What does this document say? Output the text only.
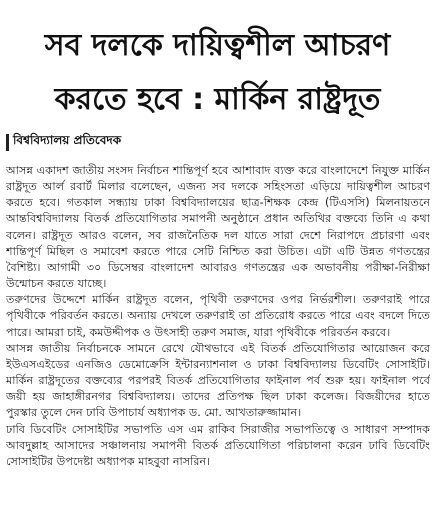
সব দলকে দায়িত্বশীল আচরণ
করতে হবে : মার্কিন রাষ্ট্রদূত
বিশ্ববিদ্যালয় প্রতিবেদক

আসন্ন একাদশ জাতীয় সংসদ নির্বাচন শান্তিপূর্ণ হবে আশাবাদ ব্যক্ত করে বাংলাদেশে নিযুক্ত মার্কিন রাষ্ট্রদূত আর্ল রবার্ট মিলার বলেছেন, এজন্য সব দলকে সহিংসতা এড়িয়ে দায়িত্বশীল আচরণ করতে হবে। গতকাল সন্ধ্যায় ঢাকা বিশ্ববিদ্যালয়ের ছাত্র-শিক্ষক কেন্দ্র (টিএসসি) মিলনায়তনে আন্তবিশ্ববিদ্যালয় বিতর্ক প্রতিযোগিতার সমাপনী অনুষ্ঠানে প্রধান অতিথির বক্তব্যে তিনি এ কথা বলেন। রাষ্ট্রদূত আরও বলেন, সব রাজনৈতিক দল যাতে সারা দেশে নিরাপদে প্রচারণা এবং শান্তিপূর্ণ মিছিল ও সমাবেশ করতে পারে সেটি নিশ্চিত করা উচিত। এটা এটি উন্নত গণতন্ত্রের বৈশিষ্ট্য। আগামী ৩০ ডিসেম্বর বাংলাদেশ আবারও গণতন্ত্রের এক অভাবনীয় পরীক্ষা-নিরীক্ষা উন্মোচন করতে যাচ্ছে।

তরুণদের উদ্দেশে মার্কিন রাষ্ট্রদূত বলেন, পৃথিবী তরুণদের ওপর নির্ভরশীল। তরুণরাই পারে পৃথিবীকে পরিবর্তন করতে। অন্যায় দেখলে তরুণরাই তা প্রতিরোধ করতে পারে এবং বদলে দিতে পারে। আমরা চাই, কমউদ্দীপক ও উৎসাহী তরুণ সমাজ, যারা পৃথিবীকে পরিবর্তন করবে।

আসন্ন জাতীয় নির্বাচনকে সামনে রেখে যৌথভাবে এই বিতর্ক প্রতিযোগিতার আয়োজন করে ইউএসএইডের এনজিও ডেমোক্রেসি ইন্টারন্যাশনাল ও ঢাকা বিশ্ববিদ্যালয় ডিবেটিং সোসাইটি। মার্কিন রাষ্ট্রদূতের বক্তব্যের পরপরই বিতর্ক প্রতিযোগিতার ফাইনাল পর্ব শুরু হয়। ফাইনাল পর্বে জয়ী হয় জাহাঙ্গীরনগর বিশ্ববিদ্যালয়। তাদের প্রতিপক্ষ ছিল ঢাকা কলেজ। বিজয়ীদের হাতে পুরস্কার তুলে দেন ঢাবি উপাচার্য অধ্যাপক ড. মো. আখতারুজ্জামান।

ঢাবি ডিবেটিং সোসাইটির সভাপতি এস এম রাকিব সিরাজীর সভাপতিত্বে ও সাধারণ সম্পাদক আবদুল্লাহ আসাদের সঞ্চালনায় সমাপনী বিতর্ক প্রতিযোগিতা পরিচালনা করেন ঢাবি ডিবেটিং সোসাইটির উপদেষ্টা অধ্যাপক মাহবুবা নাসরিন।
